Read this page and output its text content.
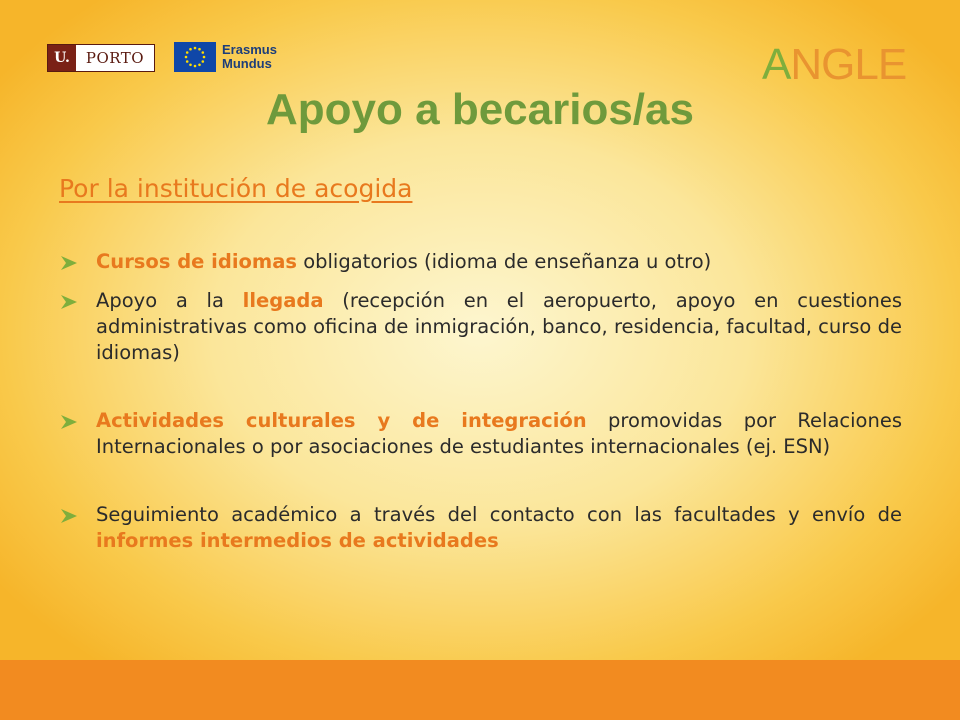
U.	PORTO	Erasmus
Mundus	ANGLE
Apoyo a becarios/as
Por la institución de acogida
Cursos de idiomas obligatorios (idioma de enseñanza u otro)
Apoyo a la llegada (recepción en el aeropuerto, apoyo en cuestiones administrativas como oficina de inmigración, banco, residencia, facultad, curso de idiomas)
Actividades culturales y de integración promovidas por Relaciones Internacionales o por asociaciones de estudiantes internacionales (ej. ESN)
Seguimiento académico a través del contacto con las facultades y envío de informes intermedios de actividades
